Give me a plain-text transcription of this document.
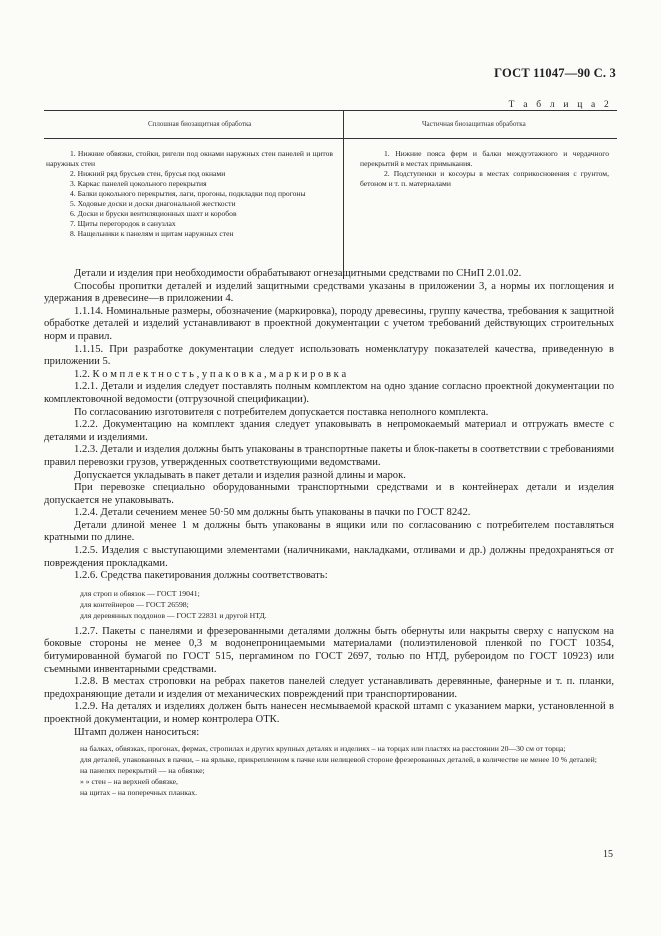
ГОСТ 11047—90 С. 3
Т а б л и ц а 2
Сплошная биозащитная обработка	Частичная биозащитная обработка
1. Нижние обвязки, стойки, ригели под окнами наружных стен панелей и щитов наружных стен
2. Нижний ряд брусьев стен, брусья под окнами
3. Каркас панелей цокольного перекрытия
4. Балки цокольного перекрытия, лаги, прогоны, подкладки под прогоны
5. Ходовые доски и доски диагональной жесткости
6. Доски и бруски вентиляционных шахт и коробов
7. Щиты перегородок в санузлах
8. Нащельники к панелям и щитам наружных стен
1. Нижние пояса ферм и балки междуэтажного и чердачного перекрытий в местах примыкания.
2. Подступенки и косоуры в местах соприкосновения с грунтом, бетоном и т. п. материалами

Детали и изделия при необходимости обрабатывают огнезащитными средствами по СНиП 2.01.02.

Способы пропитки деталей и изделий защитными средствами указаны в приложении 3, а нормы их поглощения и удержания в древесине—в приложении 4.

1.1.14. Номинальные размеры, обозначение (маркировка), породу древесины, группу качества, требования к защитной обработке деталей и изделий устанавливают в проектной документации с учетом требований действующих строительных норм и правил.

1.1.15. При разработке документации следует использовать номенклатуру показателей качества, приведенную в приложении 5.

1.2. К о м п л е к т н о с т ь , у п а к о в к а , м а р к и р о в к а

1.2.1. Детали и изделия следует поставлять полным комплектом на одно здание согласно проектной документации по комплектовочной ведомости (отгрузочной спецификации).

По согласованию изготовителя с потребителем допускается поставка неполного комплекта.

1.2.2. Документацию на комплект здания следует упаковывать в непромокаемый материал и отгружать вместе с деталями и изделиями.

1.2.3. Детали и изделия должны быть упакованы в транспортные пакеты и блок-пакеты в соответствии с требованиями правил перевозки грузов, утвержденных соответствующими ведомствами.

Допускается укладывать в пакет детали и изделия разной длины и марок.

При перевозке специально оборудованными транспортными средствами и в контейнерах детали и изделия допускается не упаковывать.

1.2.4. Детали сечением менее 50·50 мм должны быть упакованы в пачки по ГОСТ 8242.

Детали длиной менее 1 м должны быть упакованы в ящики или по согласованию с потребителем поставляться кратными по длине.

1.2.5. Изделия с выступающими элементами (наличниками, накладками, отливами и др.) должны предохраняться от повреждения прокладками.

1.2.6. Средства пакетирования должны соответствовать:

для строп и обвязок — ГОСТ 19041;

для контейнеров — ГОСТ 26598;

для деревянных поддонов — ГОСТ 22831 и другой НТД.

1.2.7. Пакеты с панелями и фрезерованными деталями должны быть обернуты или накрыты сверху с напуском на боковые стороны не менее 0,3 м водонепроницаемыми материалами (полиэтиленовой пленкой по ГОСТ 10354, битумированной бумагой по ГОСТ 515, пергамином по ГОСТ 2697, толью по НТД, рубероидом по ГОСТ 10923) или съемными инвентарными средствами.

1.2.8. В местах строповки на ребрах пакетов панелей следует устанавливать деревянные, фанерные и т. п. планки, предохраняющие детали и изделия от механических повреждений при транспортировании.

1.2.9. На деталях и изделиях должен быть нанесен несмываемой краской штамп с указанием марки, установленной в проектной документации, и номер контролера ОТК.

Штамп должен наноситься:

на балках, обвязках, прогонах, фермах, стропилах и других крупных деталях и изделиях – на торцах или пластях на расстоянии 20—30 см от торца;

для деталей, упакованных в пачки, – на ярлыке, прикрепленном к пачке или нелицевой стороне фрезерованных деталей, в количестве не менее 10 % деталей;

на панелях перекрытий — на обвязке;

» » стен – на верхней обвязке,

на щитах – на поперечных планках.

15
